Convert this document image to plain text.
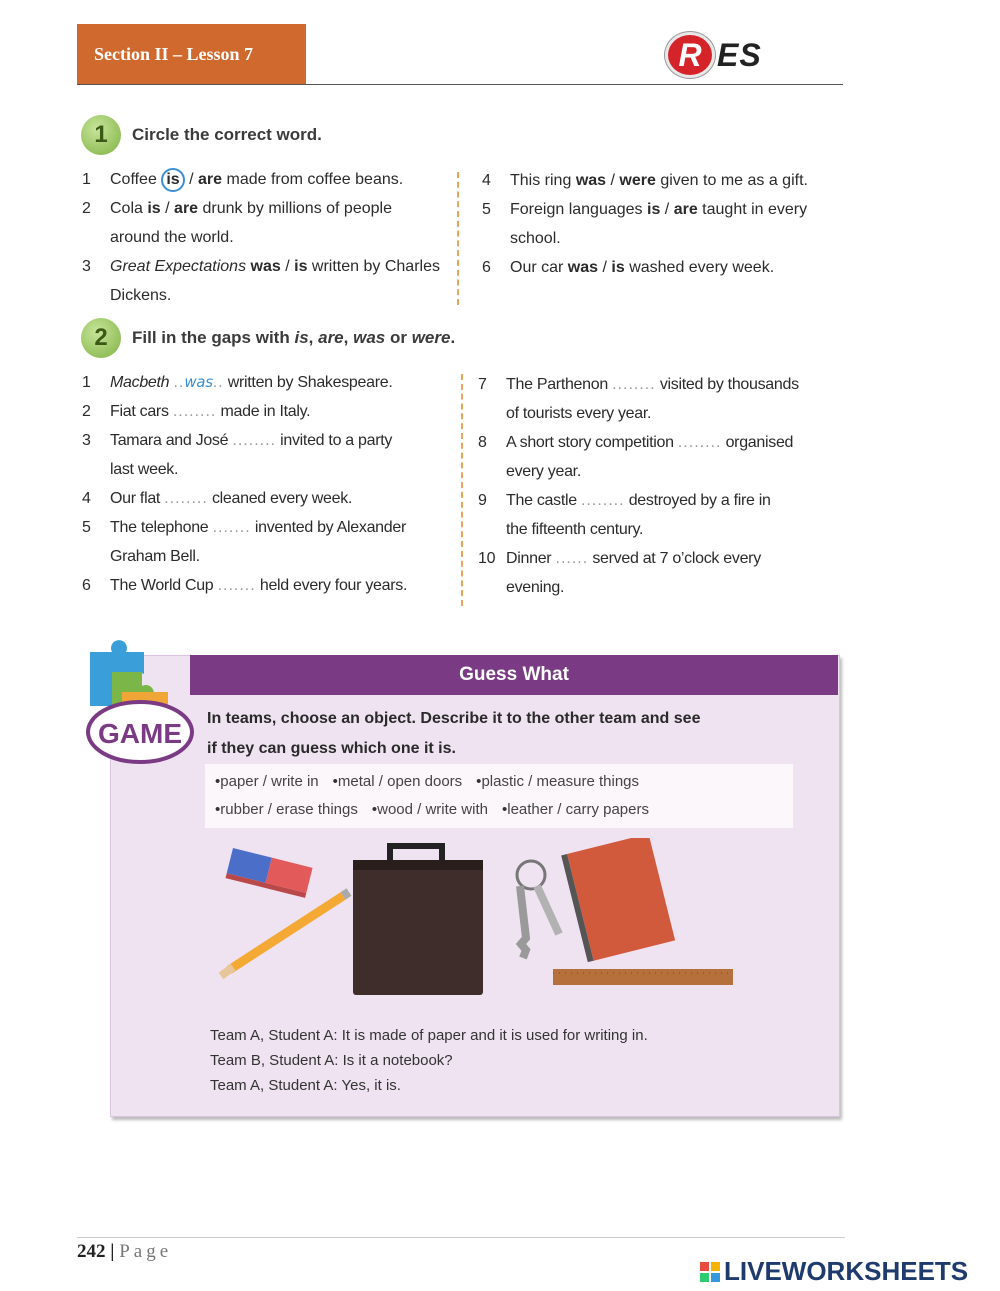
Section II – Lesson 7	R ES
1	Circle the correct word.
1 Coffee is / are made from coffee beans.
2 Cola is / are drunk by millions of people
around the world.
3 Great Expectations was / is written by Charles
Dickens.
4 This ring was / were given to me as a gift.
5 Foreign languages is / are taught in every
school.
6 Our car was / is washed every week.
2	Fill in the gaps with is, are, was or were.
1 Macbeth ..was.. written by Shakespeare.
2 Fiat cars ........ made in Italy.
3 Tamara and José ........ invited to a party
last week.
4 Our flat ........ cleaned every week.
5 The telephone ....... invented by Alexander
Graham Bell.
6 The World Cup ....... held every four years.
7 The Parthenon ........ visited by thousands
of tourists every year.
8 A short story competition ........ organised
every year.
9 The castle ........ destroyed by a fire in
the fifteenth century.
10 Dinner ...... served at 7 o’clock every
evening.
Guess What
GAME In teams, choose an object. Describe it to the other team and see
if they can guess which one it is.
• paper / write in	• metal / open doors	• plastic / measure things
• rubber / erase things	• wood / write with	• leather / carry papers
Team A, Student A: It is made of paper and it is used for writing in.
Team B, Student A: Is it a notebook?
Team A, Student A: Yes, it is.
242 | Page
LIVEWORKSHEETS
